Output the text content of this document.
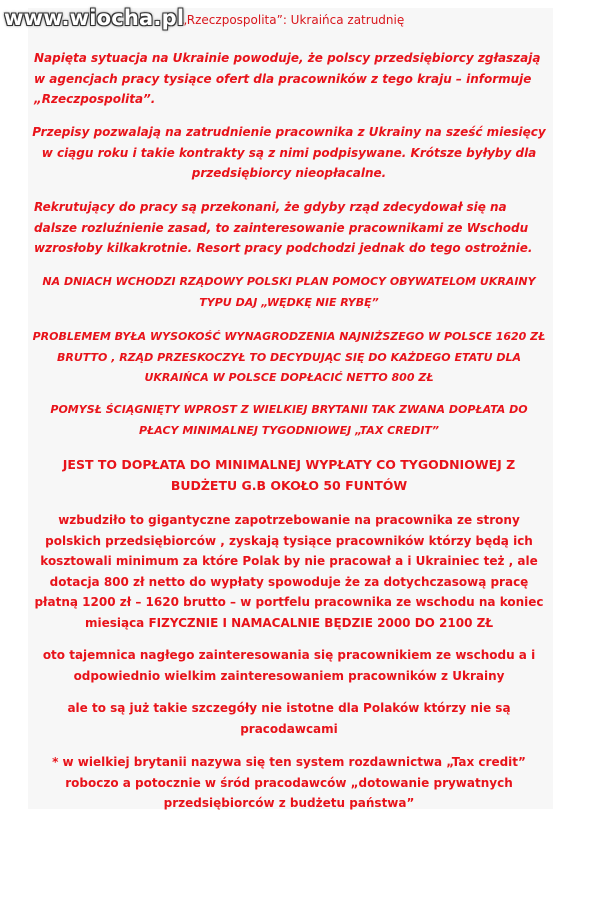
www.wiocha.pl

„Rzeczpospolita”: Ukraińca zatrudnię

Napięta sytuacja na Ukrainie powoduje, że polscy przedsiębiorcy zgłaszają w agencjach pracy tysiące ofert dla pracowników z tego kraju – informuje „Rzeczpospolita”.

Przepisy pozwalają na zatrudnienie pracownika z Ukrainy na sześć miesięcy w ciągu roku i takie kontrakty są z nimi podpisywane. Krótsze byłyby dla przedsiębiorcy nieopłacalne.

Rekrutujący do pracy są przekonani, że gdyby rząd zdecydował się na dalsze rozluźnienie zasad, to zainteresowanie pracownikami ze Wschodu wzrosłoby kilkakrotnie. Resort pracy podchodzi jednak do tego ostrożnie.

NA DNIACH WCHODZI RZĄDOWY POLSKI PLAN POMOCY OBYWATELOM UKRAINY TYPU DAJ „WĘDKĘ NIE RYBĘ”

PROBLEMEM BYŁA WYSOKOŚĆ WYNAGRODZENIA NAJNIŻSZEGO W POLSCE 1620 ZŁ BRUTTO , RZĄD PRZESKOCZYŁ TO DECYDUJĄC SIĘ DO KAŻDEGO ETATU DLA UKRAIŃCA W POLSCE DOPŁACIĆ NETTO 800 ZŁ

POMYSŁ ŚCIĄGNIĘTY WPROST Z WIELKIEJ BRYTANII TAK ZWANA DOPŁATA DO PŁACY MINIMALNEJ TYGODNIOWEJ „TAX CREDIT”

JEST TO DOPŁATA DO MINIMALNEJ WYPŁATY CO TYGODNIOWEJ Z BUDŻETU G.B OKOŁO 50 FUNTÓW

wzbudziło to gigantyczne zapotrzebowanie na pracownika ze strony polskich przedsiębiorców , zyskają tysiące pracowników którzy będą ich kosztowali minimum za które Polak by nie pracował a i Ukrainiec też , ale dotacja 800 zł netto do wypłaty spowoduje że za dotychczasową pracę płatną 1200 zł – 1620 brutto – w portfelu pracownika ze wschodu na koniec miesiąca FIZYCZNIE I NAMACALNIE BĘDZIE 2000 DO 2100 ZŁ

oto tajemnica nagłego zainteresowania się pracownikiem ze wschodu a i odpowiednio wielkim zainteresowaniem pracowników z Ukrainy

ale to są już takie szczegóły nie istotne dla Polaków którzy nie są pracodawcami

* w wielkiej brytanii nazywa się ten system rozdawnictwa „Tax credit” roboczo a potocznie w śród pracodawców „dotowanie prywatnych przedsiębiorców z budżetu państwa”
